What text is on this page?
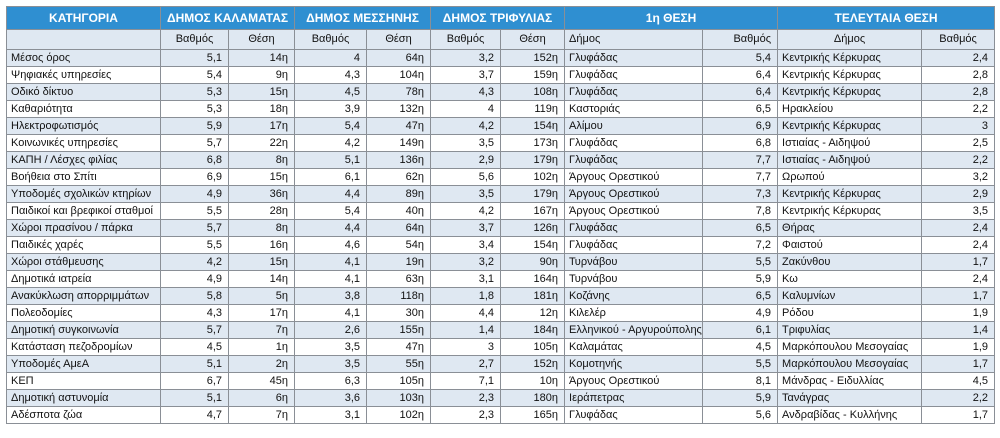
ΚΑΤΗΓΟΡΙΑ	ΔΗΜΟΣ ΚΑΛΑΜΑΤΑΣ		ΔΗΜΟΣ ΜΕΣΣΗΝΗΣ		ΔΗΜΟΣ ΤΡΙΦΥΛΙΑΣ		1η ΘΕΣΗ		ΤΕΛΕΥΤΑΙΑ ΘΕΣΗ	
	Βαθμός	Θέση	Βαθμός	Θέση	Βαθμός	Θέση	Δήμος	Βαθμός	Δήμος	Βαθμός
Μέσος όρος	5,1	14η	4	64η	3,2	152η	Γλυφάδας	5,4	Κεντρικής Κέρκυρας	2,4
Ψηφιακές υπηρεσίες	5,4	9η	4,3	104η	3,7	159η	Γλυφάδας	6,4	Κεντρικής Κέρκυρας	2,8
Οδικό δίκτυο	5,3	15η	4,5	78η	4,3	108η	Γλυφάδας	6,4	Κεντρικής Κέρκυρας	2,8
Καθαριότητα	5,3	18η	3,9	132η	4	119η	Καστοριάς	6,5	Ηρακλείου	2,2
Ηλεκτροφωτισμός	5,9	17η	5,4	47η	4,2	154η	Αλίμου	6,9	Κεντρικής Κέρκυρας	3
Κοινωνικές υπηρεσίες	5,7	22η	4,2	149η	3,5	173η	Γλυφάδας	6,8	Ιστιαίας - Αιδηψού	2,5
ΚΑΠΗ / Λέσχες φιλίας	6,8	8η	5,1	136η	2,9	179η	Γλυφάδας	7,7	Ιστιαίας - Αιδηψού	2,2
Βοήθεια στο Σπίτι	6,9	15η	6,1	62η	5,6	102η	Άργους Ορεστικού	7,7	Ωρωπού	3,2
Υποδομές σχολικών κτηρίων	4,9	36η	4,4	89η	3,5	179η	Άργους Ορεστικού	7,3	Κεντρικής Κέρκυρας	2,9
Παιδικοί και βρεφικοί σταθμοί	5,5	28η	5,4	40η	4,2	167η	Άργους Ορεστικού	7,8	Κεντρικής Κέρκυρας	3,5
Χώροι πρασίνου / πάρκα	5,7	8η	4,4	64η	3,7	126η	Γλυφάδας	6,5	Θήρας	2,4
Παιδικές χαρές	5,5	16η	4,6	54η	3,4	154η	Γλυφάδας	7,2	Φαιστού	2,4
Χώροι στάθμευσης	4,2	15η	4,1	19η	3,2	90η	Τυρνάβου	5,5	Ζακύνθου	1,7
Δημοτικά ιατρεία	4,9	14η	4,1	63η	3,1	164η	Τυρνάβου	5,9	Κω	2,4
Ανακύκλωση απορριμμάτων	5,8	5η	3,8	118η	1,8	181η	Κοζάνης	6,5	Καλυμνίων	1,7
Πολεοδομίες	4,3	17η	4,1	30η	4,4	12η	Κιλελέρ	4,9	Ρόδου	1,9
Δημοτική συγκοινωνία	5,7	7η	2,6	155η	1,4	184η	Ελληνικού - Αργυρούπολης	6,1	Τριφυλίας	1,4
Κατάσταση πεζοδρομίων	4,5	1η	3,5	47η	3	105η	Καλαμάτας	4,5	Μαρκόπουλου Μεσογαίας	1,9
Υποδομές ΑμεΑ	5,1	2η	3,5	55η	2,7	152η	Κομοτηνής	5,5	Μαρκόπουλου Μεσογαίας	1,7
ΚΕΠ	6,7	45η	6,3	105η	7,1	10η	Άργους Ορεστικού	8,1	Μάνδρας - Ειδυλλίας	4,5
Δημοτική αστυνομία	5,1	6η	3,6	103η	2,3	180η	Ιεράπετρας	5,9	Τανάγρας	2,2
Αδέσποτα ζώα	4,7	7η	3,1	102η	2,3	165η	Γλυφάδας	5,6	Ανδραβίδας - Κυλλήνης	1,7
